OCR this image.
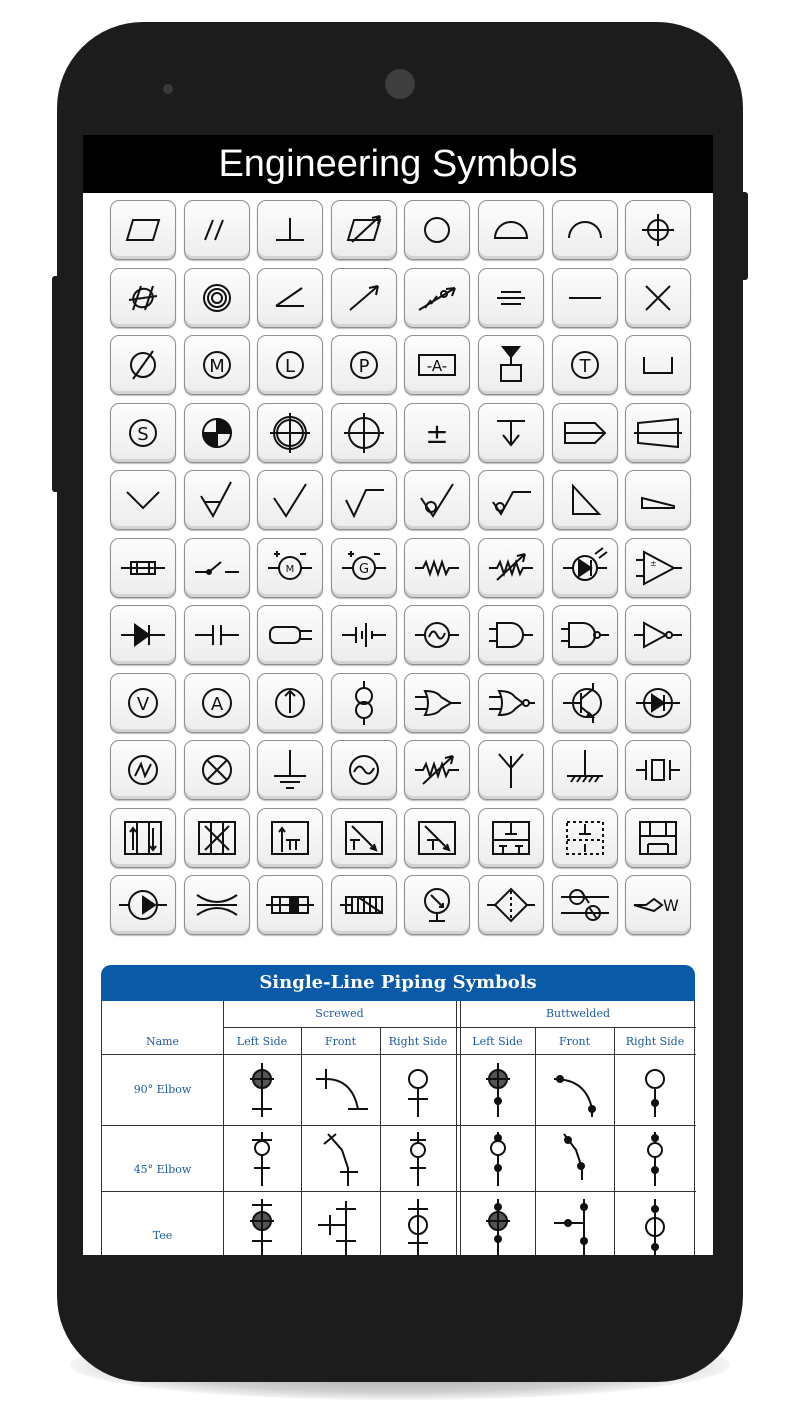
Engineering Symbols
M	L	P	-A-	T
S	±
M	G	±
V	A
W
Single-Line Piping Symbols
Screwed	Buttwelded
Name	Left Side	Front	Right Side	Left Side	Front	Right Side
90° Elbow
45° Elbow
Tee
